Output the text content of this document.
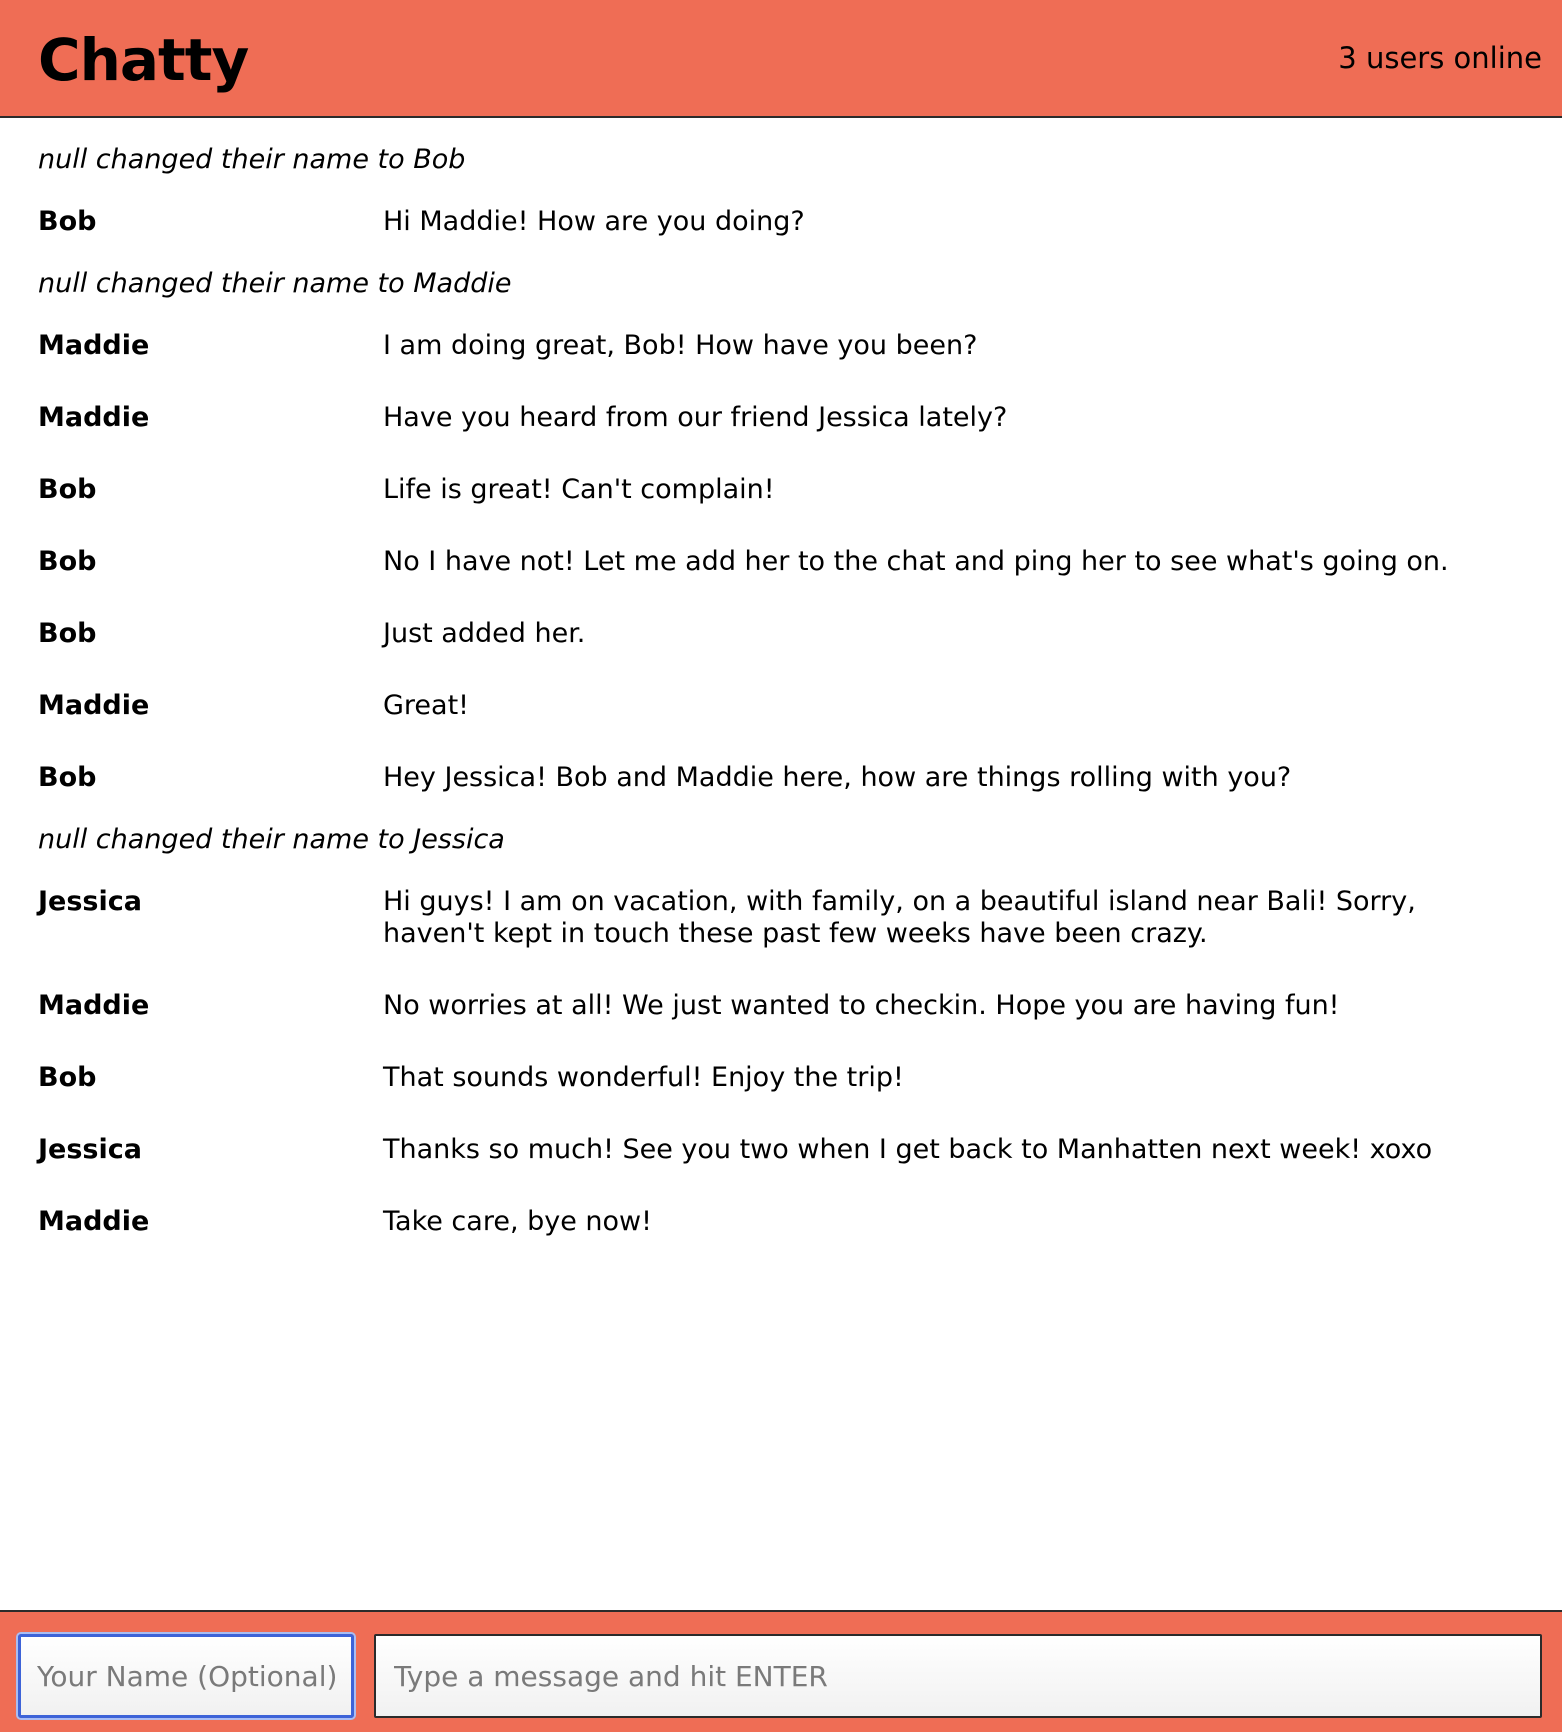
Chatty	3 users online
null changed their name to Bob
Bob	Hi Maddie! How are you doing?
null changed their name to Maddie
Maddie	I am doing great, Bob! How have you been?
Maddie	Have you heard from our friend Jessica lately?
Bob	Life is great! Can't complain!
Bob	No I have not! Let me add her to the chat and ping her to see what's going on.
Bob	Just added her.
Maddie	Great!
Bob	Hey Jessica! Bob and Maddie here, how are things rolling with you?
null changed their name to Jessica
Jessica	Hi guys! I am on vacation, with family, on a beautiful island near Bali! Sorry, haven't kept in touch these past few weeks have been crazy.
Maddie	No worries at all! We just wanted to checkin. Hope you are having fun!
Bob	That sounds wonderful! Enjoy the trip!
Jessica	Thanks so much! See you two when I get back to Manhatten next week! xoxo
Maddie	Take care, bye now!
Your Name (Optional)
Type a message and hit ENTER
